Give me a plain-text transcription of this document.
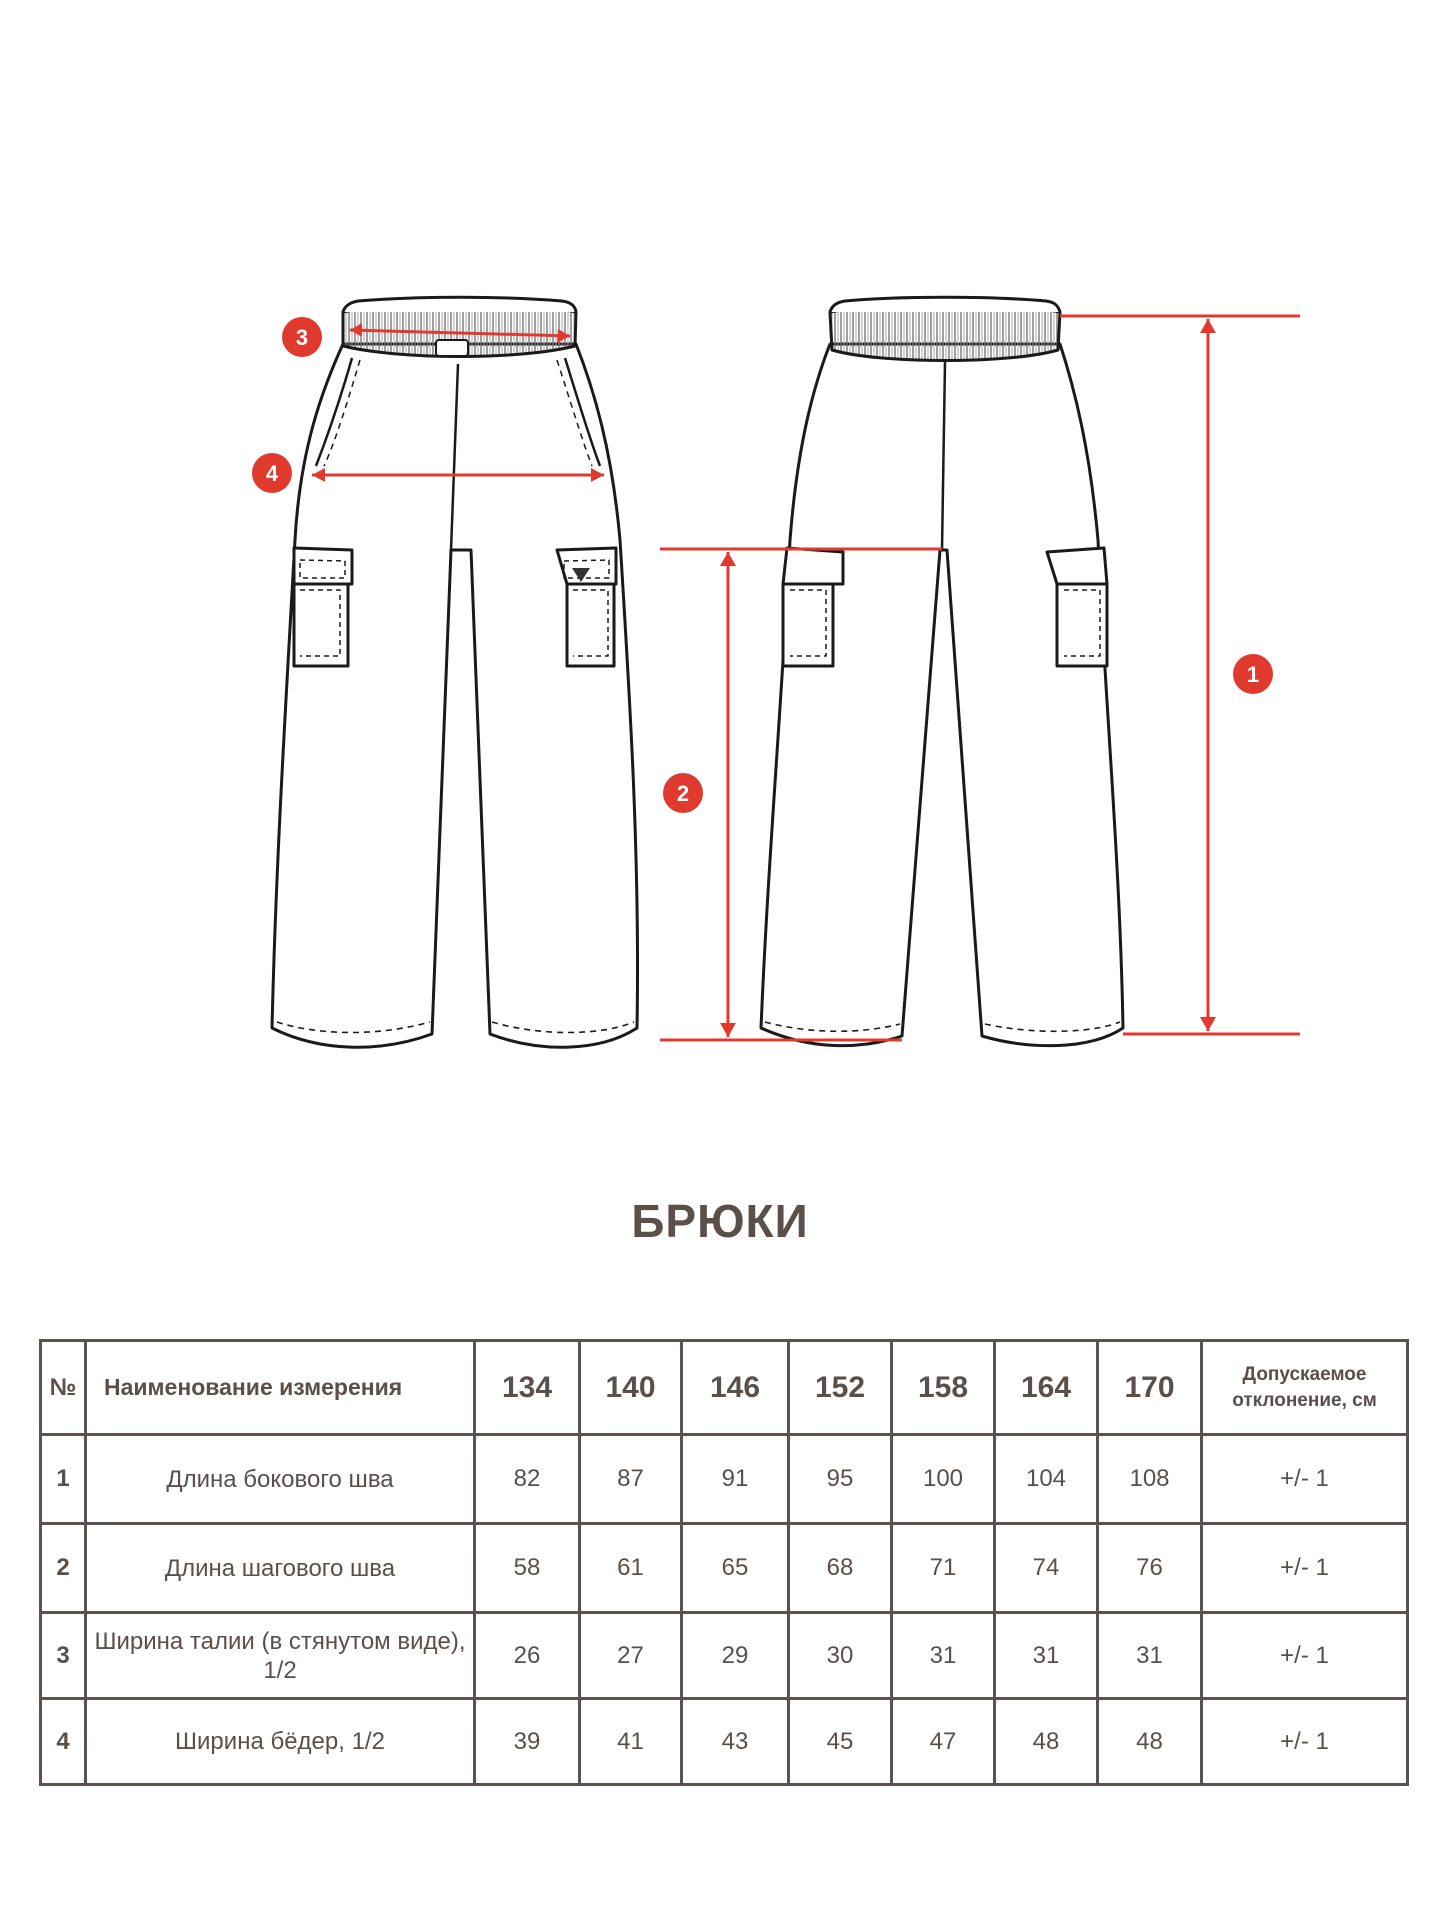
3
4
2
1
БРЮКИ
№	Наименование измерения	134	140	146	152	158	164	170	Допускаемое
отклонение, см
1	Длина бокового шва	82	87	91	95	100	104	108	+/- 1
2	Длина шагового шва	58	61	65	68	71	74	76	+/- 1
3	Ширина талии (в стянутом виде), 1/2	26	27	29	30	31	31	31	+/- 1
4	Ширина бёдер, 1/2	39	41	43	45	47	48	48	+/- 1
